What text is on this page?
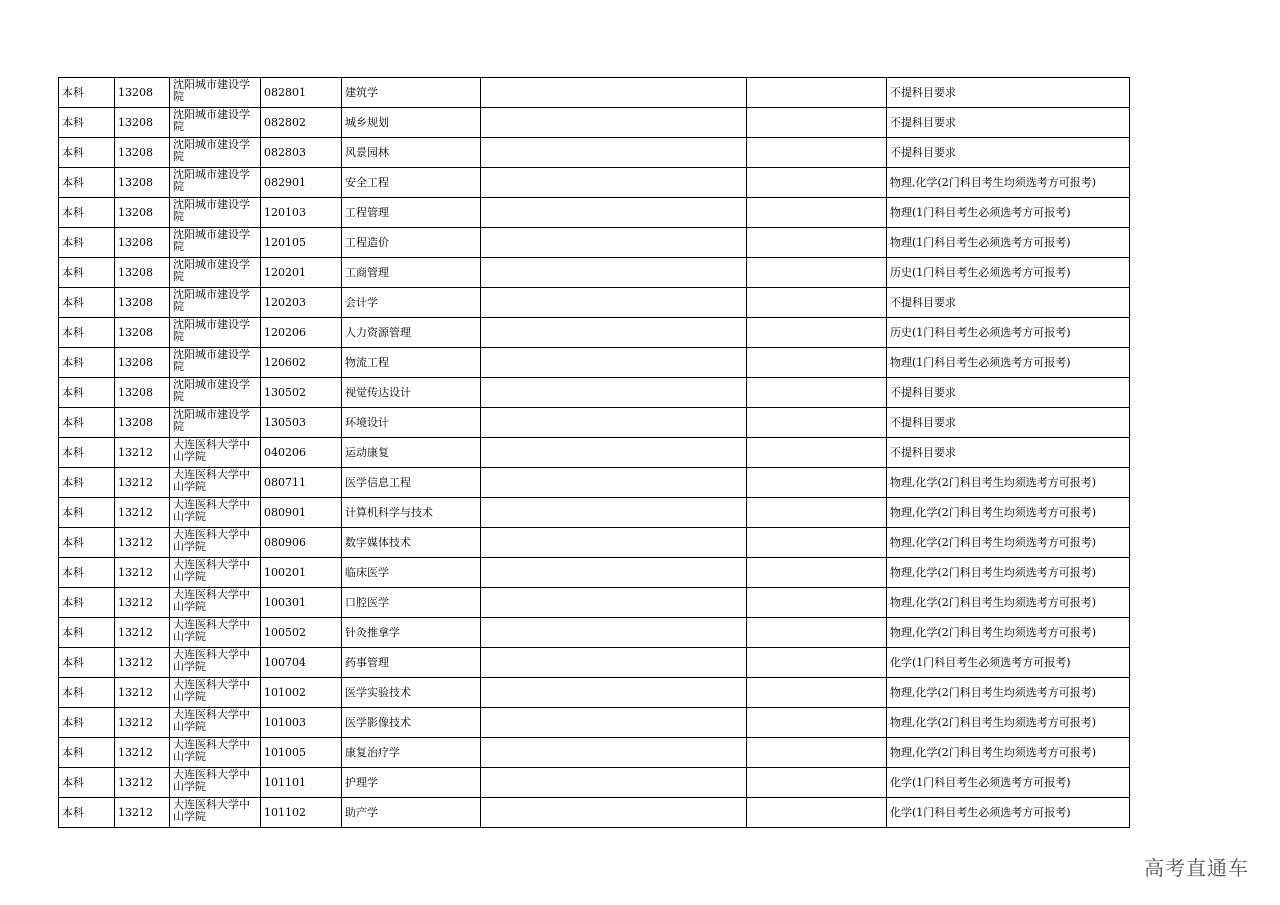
本科	13208	沈阳城市建设学院	082801	建筑学			不提科目要求
本科	13208	沈阳城市建设学院	082802	城乡规划			不提科目要求
本科	13208	沈阳城市建设学院	082803	风景园林			不提科目要求
本科	13208	沈阳城市建设学院	082901	安全工程			物理,化学(2门科目考生均须选考方可报考)
本科	13208	沈阳城市建设学院	120103	工程管理			物理(1门科目考生必须选考方可报考)
本科	13208	沈阳城市建设学院	120105	工程造价			物理(1门科目考生必须选考方可报考)
本科	13208	沈阳城市建设学院	120201	工商管理			历史(1门科目考生必须选考方可报考)
本科	13208	沈阳城市建设学院	120203	会计学			不提科目要求
本科	13208	沈阳城市建设学院	120206	人力资源管理			历史(1门科目考生必须选考方可报考)
本科	13208	沈阳城市建设学院	120602	物流工程			物理(1门科目考生必须选考方可报考)
本科	13208	沈阳城市建设学院	130502	视觉传达设计			不提科目要求
本科	13208	沈阳城市建设学院	130503	环境设计			不提科目要求
本科	13212	大连医科大学中山学院	040206	运动康复			不提科目要求
本科	13212	大连医科大学中山学院	080711	医学信息工程			物理,化学(2门科目考生均须选考方可报考)
本科	13212	大连医科大学中山学院	080901	计算机科学与技术			物理,化学(2门科目考生均须选考方可报考)
本科	13212	大连医科大学中山学院	080906	数字媒体技术			物理,化学(2门科目考生均须选考方可报考)
本科	13212	大连医科大学中山学院	100201	临床医学			物理,化学(2门科目考生均须选考方可报考)
本科	13212	大连医科大学中山学院	100301	口腔医学			物理,化学(2门科目考生均须选考方可报考)
本科	13212	大连医科大学中山学院	100502	针灸推拿学			物理,化学(2门科目考生均须选考方可报考)
本科	13212	大连医科大学中山学院	100704	药事管理			化学(1门科目考生必须选考方可报考)
本科	13212	大连医科大学中山学院	101002	医学实验技术			物理,化学(2门科目考生均须选考方可报考)
本科	13212	大连医科大学中山学院	101003	医学影像技术			物理,化学(2门科目考生均须选考方可报考)
本科	13212	大连医科大学中山学院	101005	康复治疗学			物理,化学(2门科目考生均须选考方可报考)
本科	13212	大连医科大学中山学院	101101	护理学			化学(1门科目考生必须选考方可报考)
本科	13212	大连医科大学中山学院	101102	助产学			化学(1门科目考生必须选考方可报考)
高考直通车
